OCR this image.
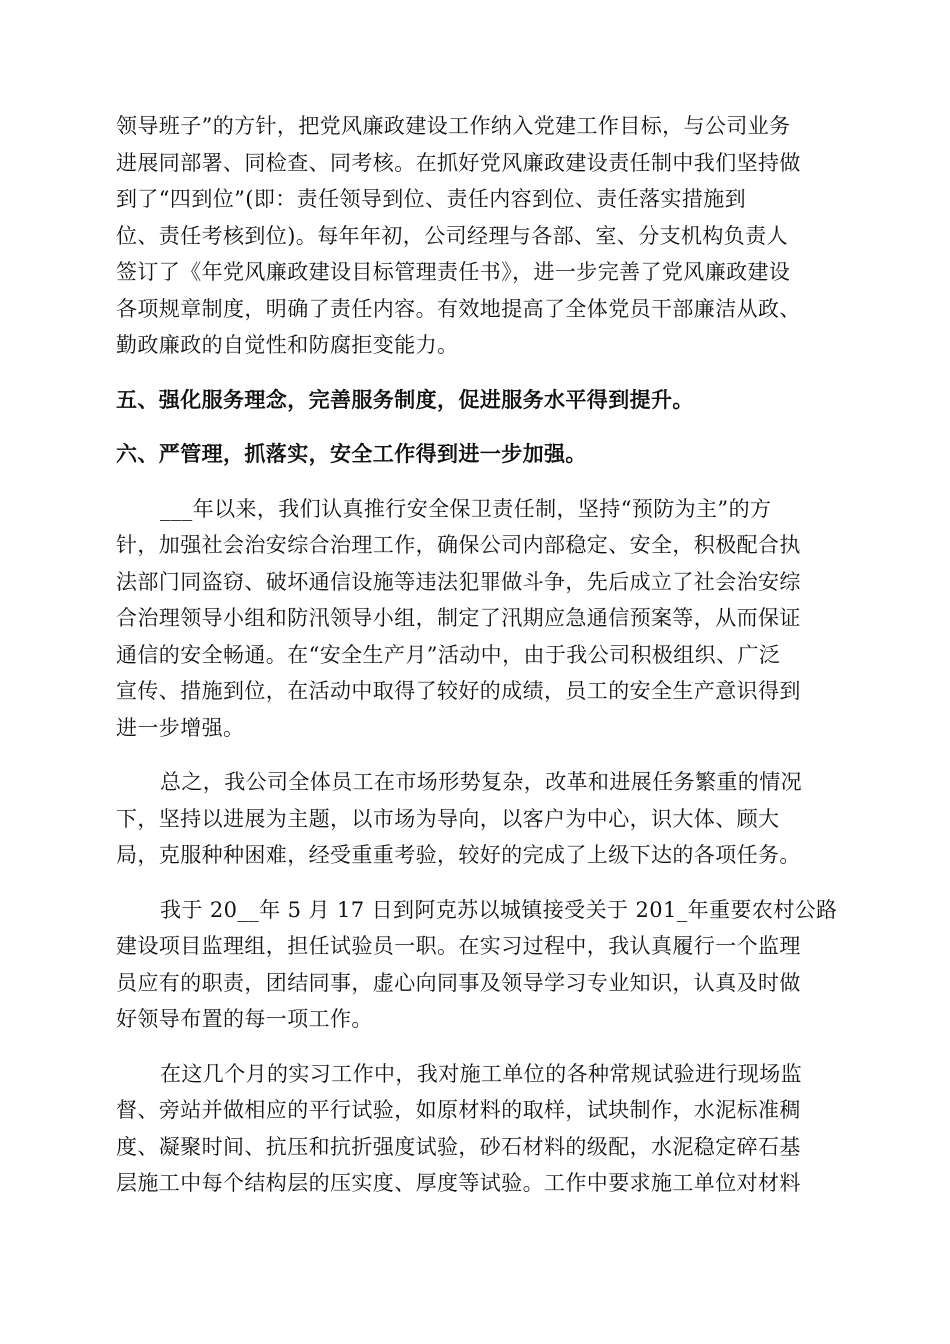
领导班子”的方针，把党风廉政建设工作纳入党建工作目标，与公司业务
进展同部署、同检查、同考核。在抓好党风廉政建设责任制中我们坚持做
到了“四到位”(即：责任领导到位、责任内容到位、责任落实措施到
位、责任考核到位)。每年年初，公司经理与各部、室、分支机构负责人
签订了《年党风廉政建设目标管理责任书》，进一步完善了党风廉政建设
各项规章制度，明确了责任内容。有效地提高了全体党员干部廉洁从政、
勤政廉政的自觉性和防腐拒变能力。
五、强化服务理念，完善服务制度，促进服务水平得到提升。
六、严管理，抓落实，安全工作得到进一步加强。
___年以来，我们认真推行安全保卫责任制，坚持“预防为主”的方
针，加强社会治安综合治理工作，确保公司内部稳定、安全，积极配合执
法部门同盗窃、破坏通信设施等违法犯罪做斗争，先后成立了社会治安综
合治理领导小组和防汛领导小组，制定了汛期应急通信预案等，从而保证
通信的安全畅通。在“安全生产月”活动中，由于我公司积极组织、广泛
宣传、措施到位，在活动中取得了较好的成绩，员工的安全生产意识得到
进一步增强。
总之，我公司全体员工在市场形势复杂，改革和进展任务繁重的情况
下，坚持以进展为主题，以市场为导向，以客户为中心，识大体、顾大
局，克服种种困难，经受重重考验，较好的完成了上级下达的各项任务。
我于 20__年 5 月 17 日到阿克苏以城镇接受关于 201_年重要农村公路
建设项目监理组，担任试验员一职。在实习过程中，我认真履行一个监理
员应有的职责，团结同事，虚心向同事及领导学习专业知识，认真及时做
好领导布置的每一项工作。
在这几个月的实习工作中，我对施工单位的各种常规试验进行现场监
督、旁站并做相应的平行试验，如原材料的取样，试块制作，水泥标准稠
度、凝聚时间、抗压和抗折强度试验，砂石材料的级配，水泥稳定碎石基
层施工中每个结构层的压实度、厚度等试验。工作中要求施工单位对材料
